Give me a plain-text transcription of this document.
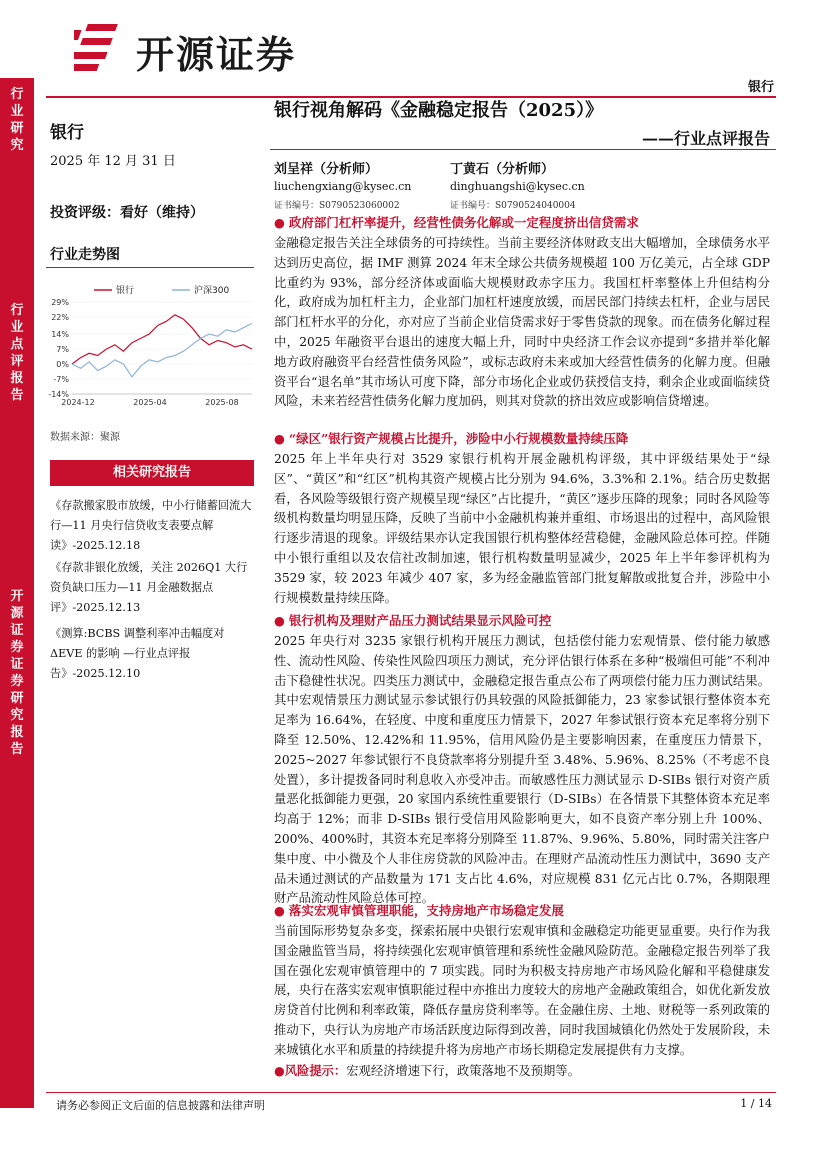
开源证券
银行
行业研究
行业点评报告
开源证券 证券研究报告
银行
2025 年 12 月 31 日
投资评级：看好（维持）
行业走势图
29%
22%
14%
7%
0%
-7%
-14%
2024-12	2025-04	2025-08
银行	沪深300
数据来源：聚源
相关研究报告
《存款搬家股市放缓，中小行储蓄回流大行—11 月央行信贷收支表要点解读》-2025.12.18
《存款非银化放缓，关注 2026Q1 大行资负缺口压力—11 月金融数据点评》-2025.12.13
《测算:BCBS 调整利率冲击幅度对ΔEVE 的影响 —行业点评报告》-2025.12.10
银行视角解码《金融稳定报告（2025）》
——行业点评报告
刘呈祥（分析师）
liuchengxiang@kysec.cn
证书编号：S0790523060002
丁黄石（分析师）
dinghuangshi@kysec.cn
证书编号：S0790524040004
● 政府部门杠杆率提升，经营性债务化解或一定程度挤出信贷需求
金融稳定报告关注全球债务的可持续性。当前主要经济体财政支出大幅增加，全球债务水平达到历史高位，据 IMF 测算 2024 年末全球公共债务规模超 100 万亿美元，占全球 GDP 比重约为 93%，部分经济体或面临大规模财政赤字压力。我国杠杆率整体上升但结构分化，政府成为加杠杆主力，企业部门加杠杆速度放缓，而居民部门持续去杠杆，企业与居民部门杠杆水平的分化，亦对应了当前企业信贷需求好于零售贷款的现象。而在债务化解过程中，2025 年融资平台退出的速度大幅上升，同时中央经济工作会议亦提到“多措并举化解地方政府融资平台经营性债务风险”，或标志政府未来或加大经营性债务的化解力度。但融资平台“退名单”其市场认可度下降，部分市场化企业或仍获授信支持，剩余企业或面临续贷风险，未来若经营性债务化解力度加码，则其对贷款的挤出效应或影响信贷增速。
● “绿区”银行资产规模占比提升，涉险中小行规模数量持续压降
2025 年上半年央行对 3529 家银行机构开展金融机构评级，其中评级结果处于“绿区”、“黄区”和“红区”机构其资产规模占比分别为 94.6%，3.3%和 2.1%。结合历史数据看，各风险等级银行资产规模呈现“绿区”占比提升，“黄区”逐步压降的现象；同时各风险等级机构数量均明显压降，反映了当前中小金融机构兼并重组、市场退出的过程中，高风险银行逐步清退的现象。评级结果亦认定我国银行机构整体经营稳健，金融风险总体可控。伴随中小银行重组以及农信社改制加速，银行机构数量明显减少，2025 年上半年参评机构为 3529 家，较 2023 年减少 407 家，多为经金融监管部门批复解散或批复合并，涉险中小行规模数量持续压降。
● 银行机构及理财产品压力测试结果显示风险可控
2025 年央行对 3235 家银行机构开展压力测试，包括偿付能力宏观情景、偿付能力敏感性、流动性风险、传染性风险四项压力测试，充分评估银行体系在多种“极端但可能”不利冲击下稳健性状况。四类压力测试中，金融稳定报告重点公布了两项偿付能力压力测试结果。其中宏观情景压力测试显示参试银行仍具较强的风险抵御能力，23 家参试银行整体资本充足率为 16.64%，在轻度、中度和重度压力情景下，2027 年参试银行资本充足率将分别下降至 12.50%、12.42%和 11.95%，信用风险仍是主要影响因素，在重度压力情景下，2025~2027 年参试银行不良贷款率将分别提升至 3.48%、5.96%、8.25%（不考虑不良处置），多计提拨备同时利息收入亦受冲击。而敏感性压力测试显示 D-SIBs 银行对资产质量恶化抵御能力更强，20 家国内系统性重要银行（D-SIBs）在各情景下其整体资本充足率均高于 12%；而非 D-SIBs 银行受信用风险影响更大，如不良资产率分别上升 100%、200%、400%时，其资本充足率将分别降至 11.87%、9.96%、5.80%，同时需关注客户集中度、中小微及个人非住房贷款的风险冲击。在理财产品流动性压力测试中，3690 支产品未通过测试的产品数量为 171 支占比 4.6%，对应规模 831 亿元占比 0.7%，各期限理财产品流动性风险总体可控。
● 落实宏观审慎管理职能，支持房地产市场稳定发展
当前国际形势复杂多变，探索拓展中央银行宏观审慎和金融稳定功能更显重要。央行作为我国金融监管当局，将持续强化宏观审慎管理和系统性金融风险防范。金融稳定报告列举了我国在强化宏观审慎管理中的 7 项实践。同时为积极支持房地产市场风险化解和平稳健康发展，央行在落实宏观审慎职能过程中亦推出力度较大的房地产金融政策组合，如优化新发放房贷首付比例和利率政策，降低存量房贷利率等。在金融住房、土地、财税等一系列政策的推动下，央行认为房地产市场活跃度边际得到改善，同时我国城镇化仍然处于发展阶段，未来城镇化水平和质量的持续提升将为房地产市场长期稳定发展提供有力支撑。
●风险提示：宏观经济增速下行，政策落地不及预期等。
请务必参阅正文后面的信息披露和法律声明	1 / 14
